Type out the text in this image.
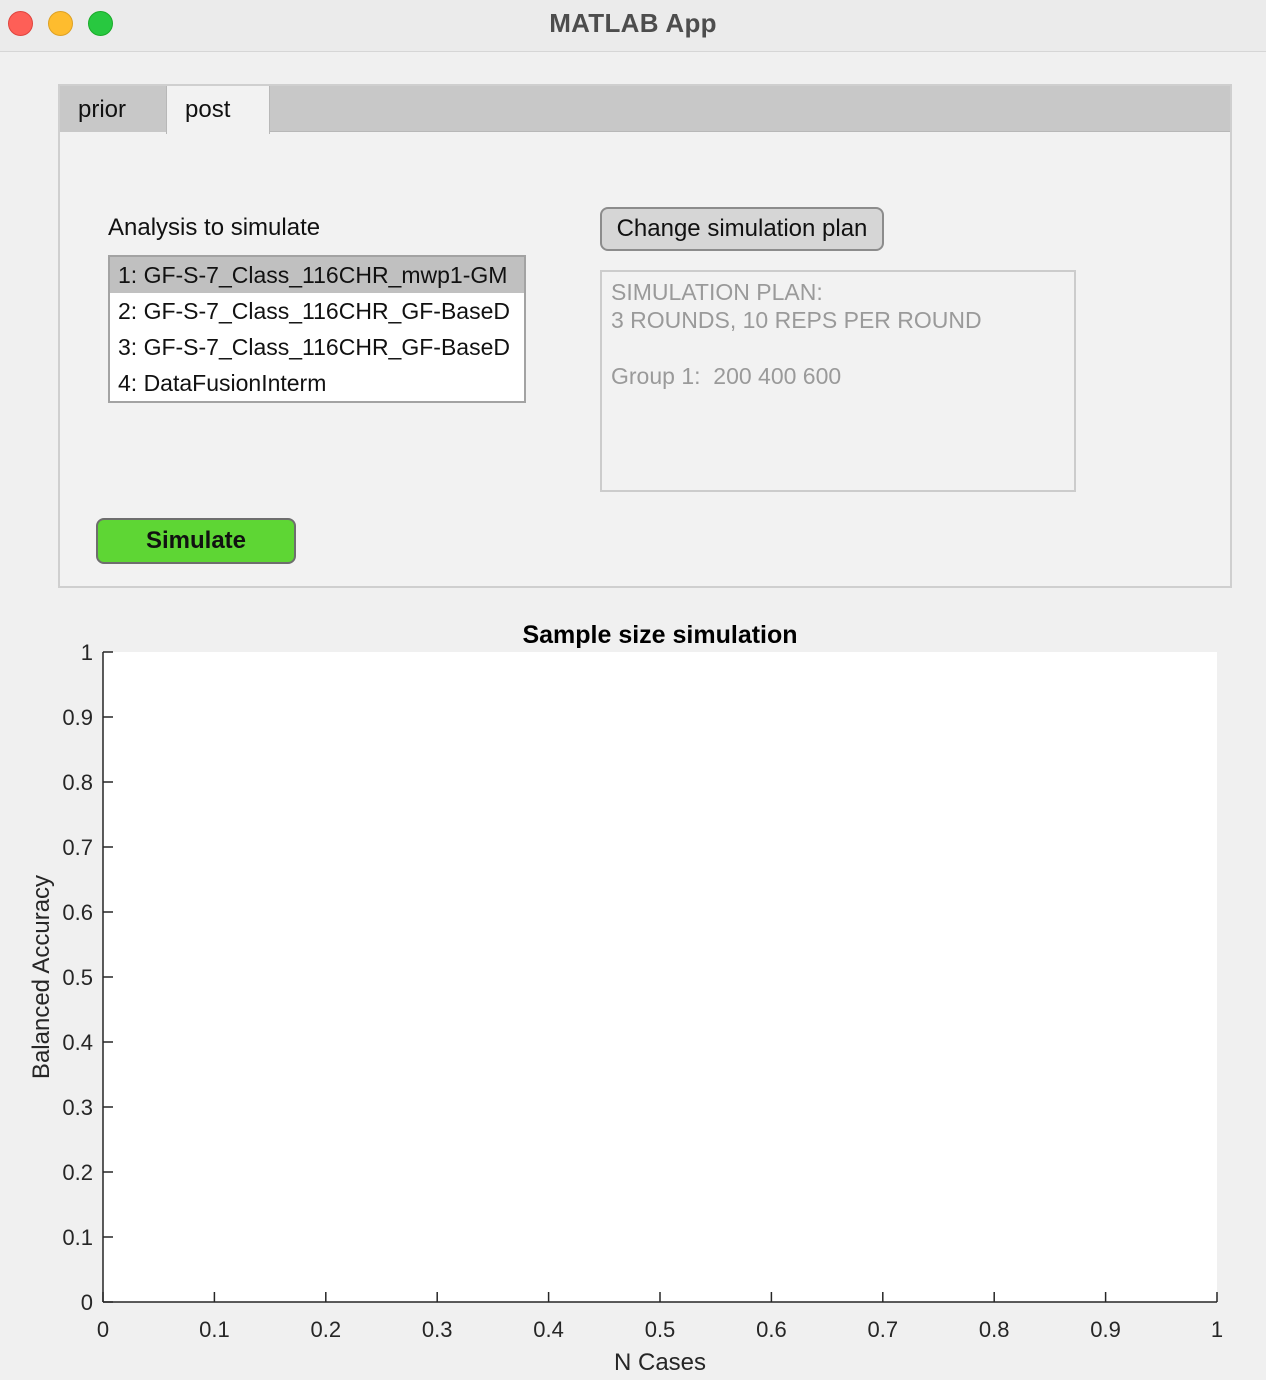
MATLAB App
prior	post
Analysis to simulate
1: GF-S-7_Class_116CHR_mwp1-GM
2: GF-S-7_Class_116CHR_GF-BaseD
3: GF-S-7_Class_116CHR_GF-BaseD
4: DataFusionInterm
Change simulation plan
SIMULATION PLAN:
3 ROUNDS, 10 REPS PER ROUND

Group 1:  200 400 600
Simulate
Sample size simulation
0	0.1	0.2	0.3	0.4	0.5	0.6	0.7	0.8	0.9	1
0
0.1
0.2
0.3
0.4
0.5
0.6
0.7
0.8
0.9
1
N Cases
Balanced Accuracy
